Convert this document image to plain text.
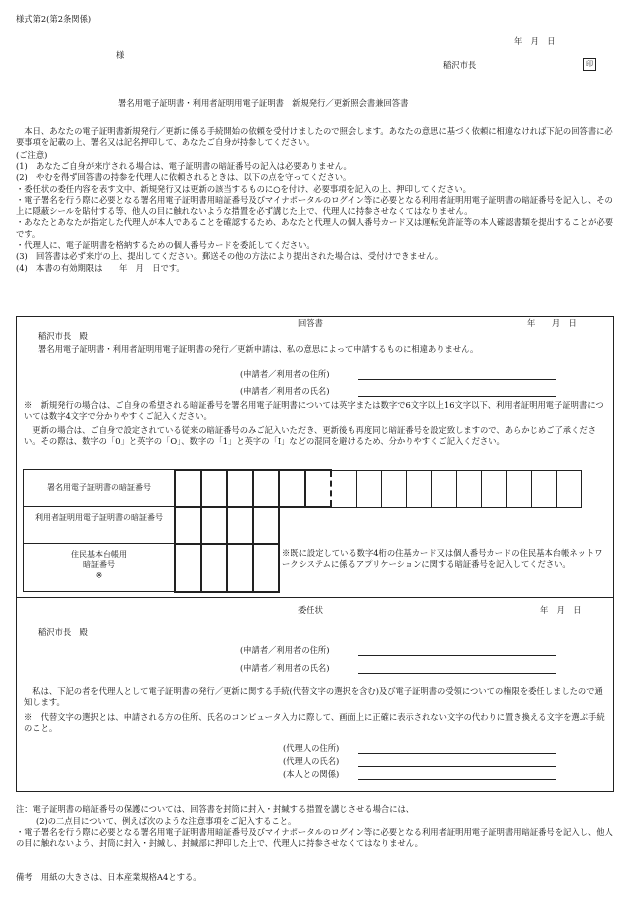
様式第2(第2条関係)
年　月　日
様
稲沢市長	印
署名用電子証明書・利用者証明用電子証明書　新規発行／更新照会書兼回答書
本日、あなたの電子証明書新規発行／更新に係る手続開始の依頼を受付けましたので照会します。あなたの意思に基づく依頼に相違なければ下記の回答書に必要事項を記載の上、署名又は記名押印して、あなたご自身が持参してください。
(ご注意)
(1)　あなたご自身が来庁される場合は、電子証明書の暗証番号の記入は必要ありません。
(2)　やむを得ず回答書の持参を代理人に依頼されるときは、以下の点を守ってください。
・委任状の委任内容を表す文中、新規発行又は更新の該当するものに○を付け、必要事項を記入の上、押印してください。
・電子署名を行う際に必要となる署名用電子証明書用暗証番号及びマイナポータルのログイン等に必要となる利用者証明用電子証明書の暗証番号を記入し、その上に隠蔽シールを貼付する等、他人の目に触れないような措置を必ず講じた上で、代理人に持参させなくてはなりません。
・あなたとあなたが指定した代理人が本人であることを確認するため、あなたと代理人の個人番号カード又は運転免許証等の本人確認書類を提出することが必要です。
・代理人に、電子証明書を格納するための個人番号カードを委託してください。
(3)　回答書は必ず来庁の上、提出してください。郵送その他の方法により提出された場合は、受付けできません。
(4)　本書の有効期限は　　年　月　日です。
回答書	年　　月　日
稲沢市長　殿
署名用電子証明書・利用者証明用電子証明書の発行／更新申請は、私の意思によって申請するものに相違ありません。
(申請者／利用者の住所)
(申請者／利用者の氏名)
※　新規発行の場合は、ご自身の希望される暗証番号を署名用電子証明書については英字または数字で6文字以上16文字以下、利用者証明用電子証明書については数字4文字で分かりやすくご記入ください。
　更新の場合は、ご自身で設定されている従来の暗証番号のみご記入いただき、更新後も再度同じ暗証番号を設定致しますので、あらかじめご了承ください。その際は、数字の「0」と英字の「O」、数字の「1」と英字の「I」などの混同を避けるため、分かりやすくご記入ください。
署名用電子証明書の暗証番号

利用者証明用電子証明書の暗証番号

住民基本台帳用
暗証番号
※

※既に設定している数字4桁の住基カード又は個人番号カードの住民基本台帳ネットワークシステムに係るアプリケーションに関する暗証番号を記入してください。
委任状	年　月　日
稲沢市長　殿
(申請者／利用者の住所)
(申請者／利用者の氏名)
私は、下記の者を代理人として電子証明書の発行／更新に関する手続(代替文字の選択を含む)及び電子証明書の受領についての権限を委任しましたので通知します。
※　代替文字の選択とは、申請される方の住所、氏名のコンピュータ入力に際して、画面上に正確に表示されない文字の代わりに置き換える文字を選ぶ手続のこと。
(代理人の住所)
(代理人の氏名)
(本人との関係)
注：電子証明書の暗証番号の保護については、回答書を封筒に封入・封緘する措置を講じさせる場合には、
(2)の二点目について、例えば次のような注意事項をご記入すること。
・電子署名を行う際に必要となる署名用電子証明書用暗証番号及びマイナポータルのログイン等に必要となる利用者証明用電子証明書用暗証番号を記入し、他人の目に触れないよう、封筒に封入・封緘し、封緘部に押印した上で、代理人に持参させなくてはなりません。
備考　用紙の大きさは、日本産業規格A4とする。
